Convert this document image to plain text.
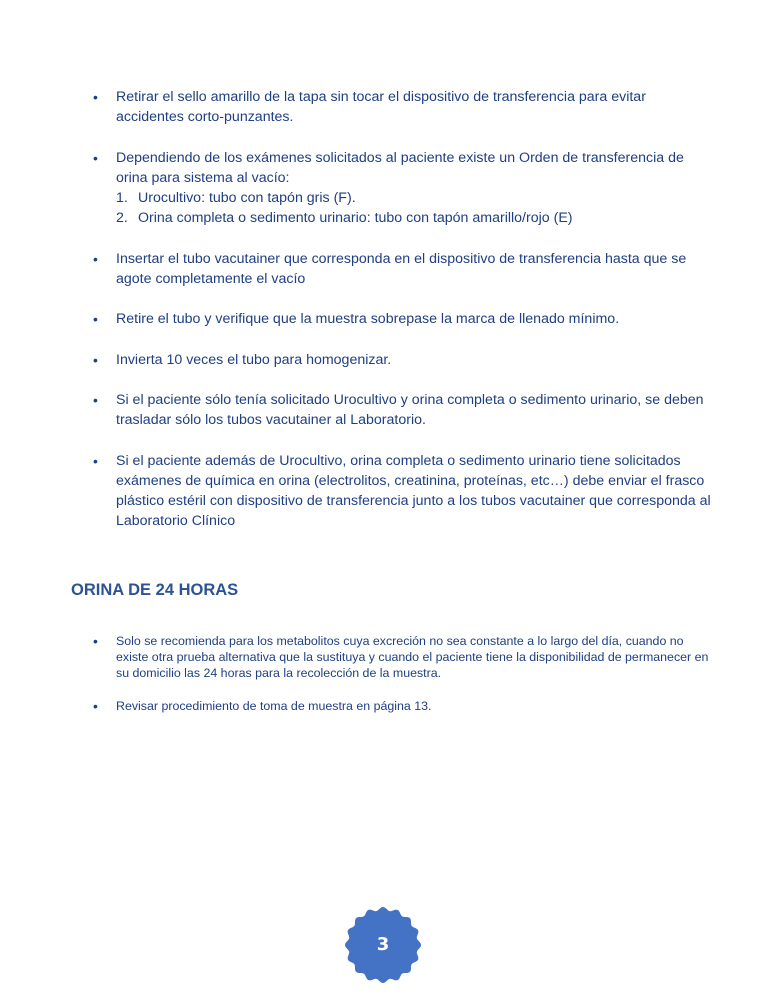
•	Retirar el sello amarillo de la tapa sin tocar el dispositivo de transferencia para evitar accidentes corto-punzantes.
•	Dependiendo de los exámenes solicitados al paciente existe un Orden de transferencia de orina para sistema al vacío:
1. Urocultivo: tubo con tapón gris (F).
2. Orina completa o sedimento urinario: tubo con tapón amarillo/rojo (E)
•	Insertar el tubo vacutainer que corresponda en el dispositivo de transferencia hasta que se agote completamente el vacío
•	Retire el tubo y verifique que la muestra sobrepase la marca de llenado mínimo.
•	Invierta 10 veces el tubo para homogenizar.
•	Si el paciente sólo tenía solicitado Urocultivo y orina completa o sedimento urinario, se deben trasladar sólo los tubos vacutainer al Laboratorio.
•	Si el paciente además de Urocultivo, orina completa o sedimento urinario tiene solicitados exámenes de química en orina (electrolitos, creatinina, proteínas, etc…) debe enviar el frasco plástico estéril con dispositivo de transferencia junto a los tubos vacutainer que corresponda al Laboratorio Clínico
ORINA DE 24 HORAS
•	Solo se recomienda para los metabolitos cuya excreción no sea constante a lo largo del día, cuando no existe otra prueba alternativa que la sustituya y cuando el paciente tiene la disponibilidad de permanecer en su domicilio las 24 horas para la recolección de la muestra.
•	Revisar procedimiento de toma de muestra en página 13.
3
